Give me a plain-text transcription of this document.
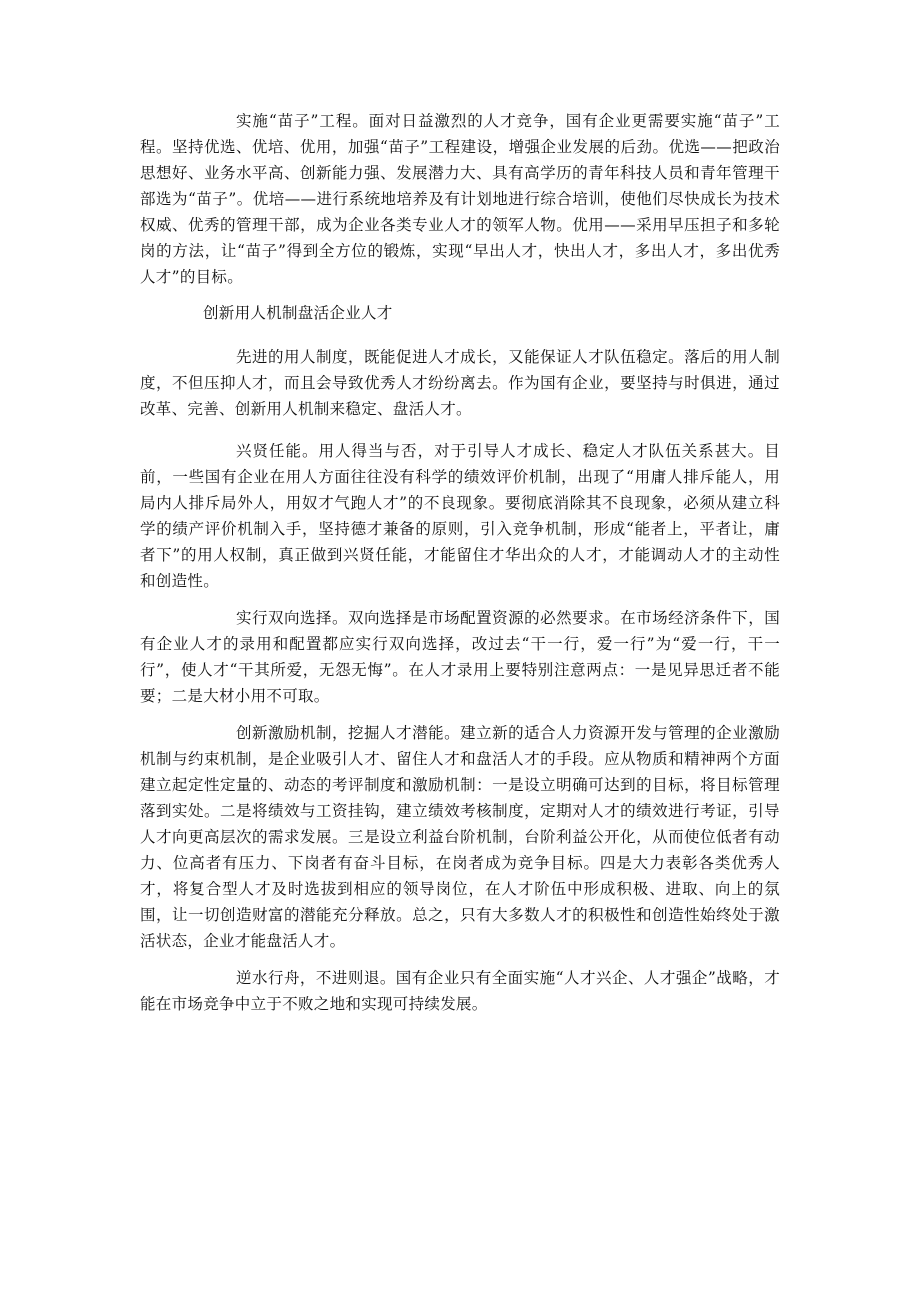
实施“苗子”工程。面对日益激烈的人才竞争，国有企业更需要实施“苗子”工程。坚持优选、优培、优用，加强“苗子”工程建设，增强企业发展的后劲。优选——把政治思想好、业务水平高、创新能力强、发展潜力大、具有高学历的青年科技人员和青年管理干部选为“苗子”。优培——进行系统地培养及有计划地进行综合培训，使他们尽快成长为技术权威、优秀的管理干部，成为企业各类专业人才的领军人物。优用——采用早压担子和多轮岗的方法，让“苗子”得到全方位的锻炼，实现“早出人才，快出人才，多出人才，多出优秀人才”的目标。

创新用人机制盘活企业人才

先进的用人制度，既能促进人才成长，又能保证人才队伍稳定。落后的用人制度，不但压抑人才，而且会导致优秀人才纷纷离去。作为国有企业，要坚持与时俱进，通过改革、完善、创新用人机制来稳定、盘活人才。

兴贤任能。用人得当与否，对于引导人才成长、稳定人才队伍关系甚大。目前，一些国有企业在用人方面往往没有科学的绩效评价机制，出现了“用庸人排斥能人，用局内人排斥局外人，用奴才气跑人才”的不良现象。要彻底消除其不良现象，必须从建立科学的绩产评价机制入手，坚持德才兼备的原则，引入竞争机制，形成“能者上，平者让，庸者下”的用人权制，真正做到兴贤任能，才能留住才华出众的人才，才能调动人才的主动性和创造性。

实行双向选择。双向选择是市场配置资源的必然要求。在市场经济条件下，国有企业人才的录用和配置都应实行双向选择，改过去“干一行，爱一行”为“爱一行，干一行”，使人才“干其所爱，无怨无悔”。在人才录用上要特别注意两点：一是见异思迁者不能要；二是大材小用不可取。

创新激励机制，挖掘人才潜能。建立新的适合人力资源开发与管理的企业激励机制与约束机制，是企业吸引人才、留住人才和盘活人才的手段。应从物质和精神两个方面建立起定性定量的、动态的考评制度和激励机制：一是设立明确可达到的目标，将目标管理落到实处。二是将绩效与工资挂钩，建立绩效考核制度，定期对人才的绩效进行考证，引导人才向更高层次的需求发展。三是设立利益台阶机制，台阶利益公开化，从而使位低者有动力、位高者有压力、下岗者有奋斗目标，在岗者成为竞争目标。四是大力表彰各类优秀人才，将复合型人才及时选拔到相应的领导岗位，在人才阶伍中形成积极、进取、向上的氛围，让一切创造财富的潜能充分释放。总之，只有大多数人才的积极性和创造性始终处于激活状态，企业才能盘活人才。

逆水行舟，不进则退。国有企业只有全面实施“人才兴企、人才强企”战略，才能在市场竞争中立于不败之地和实现可持续发展。
